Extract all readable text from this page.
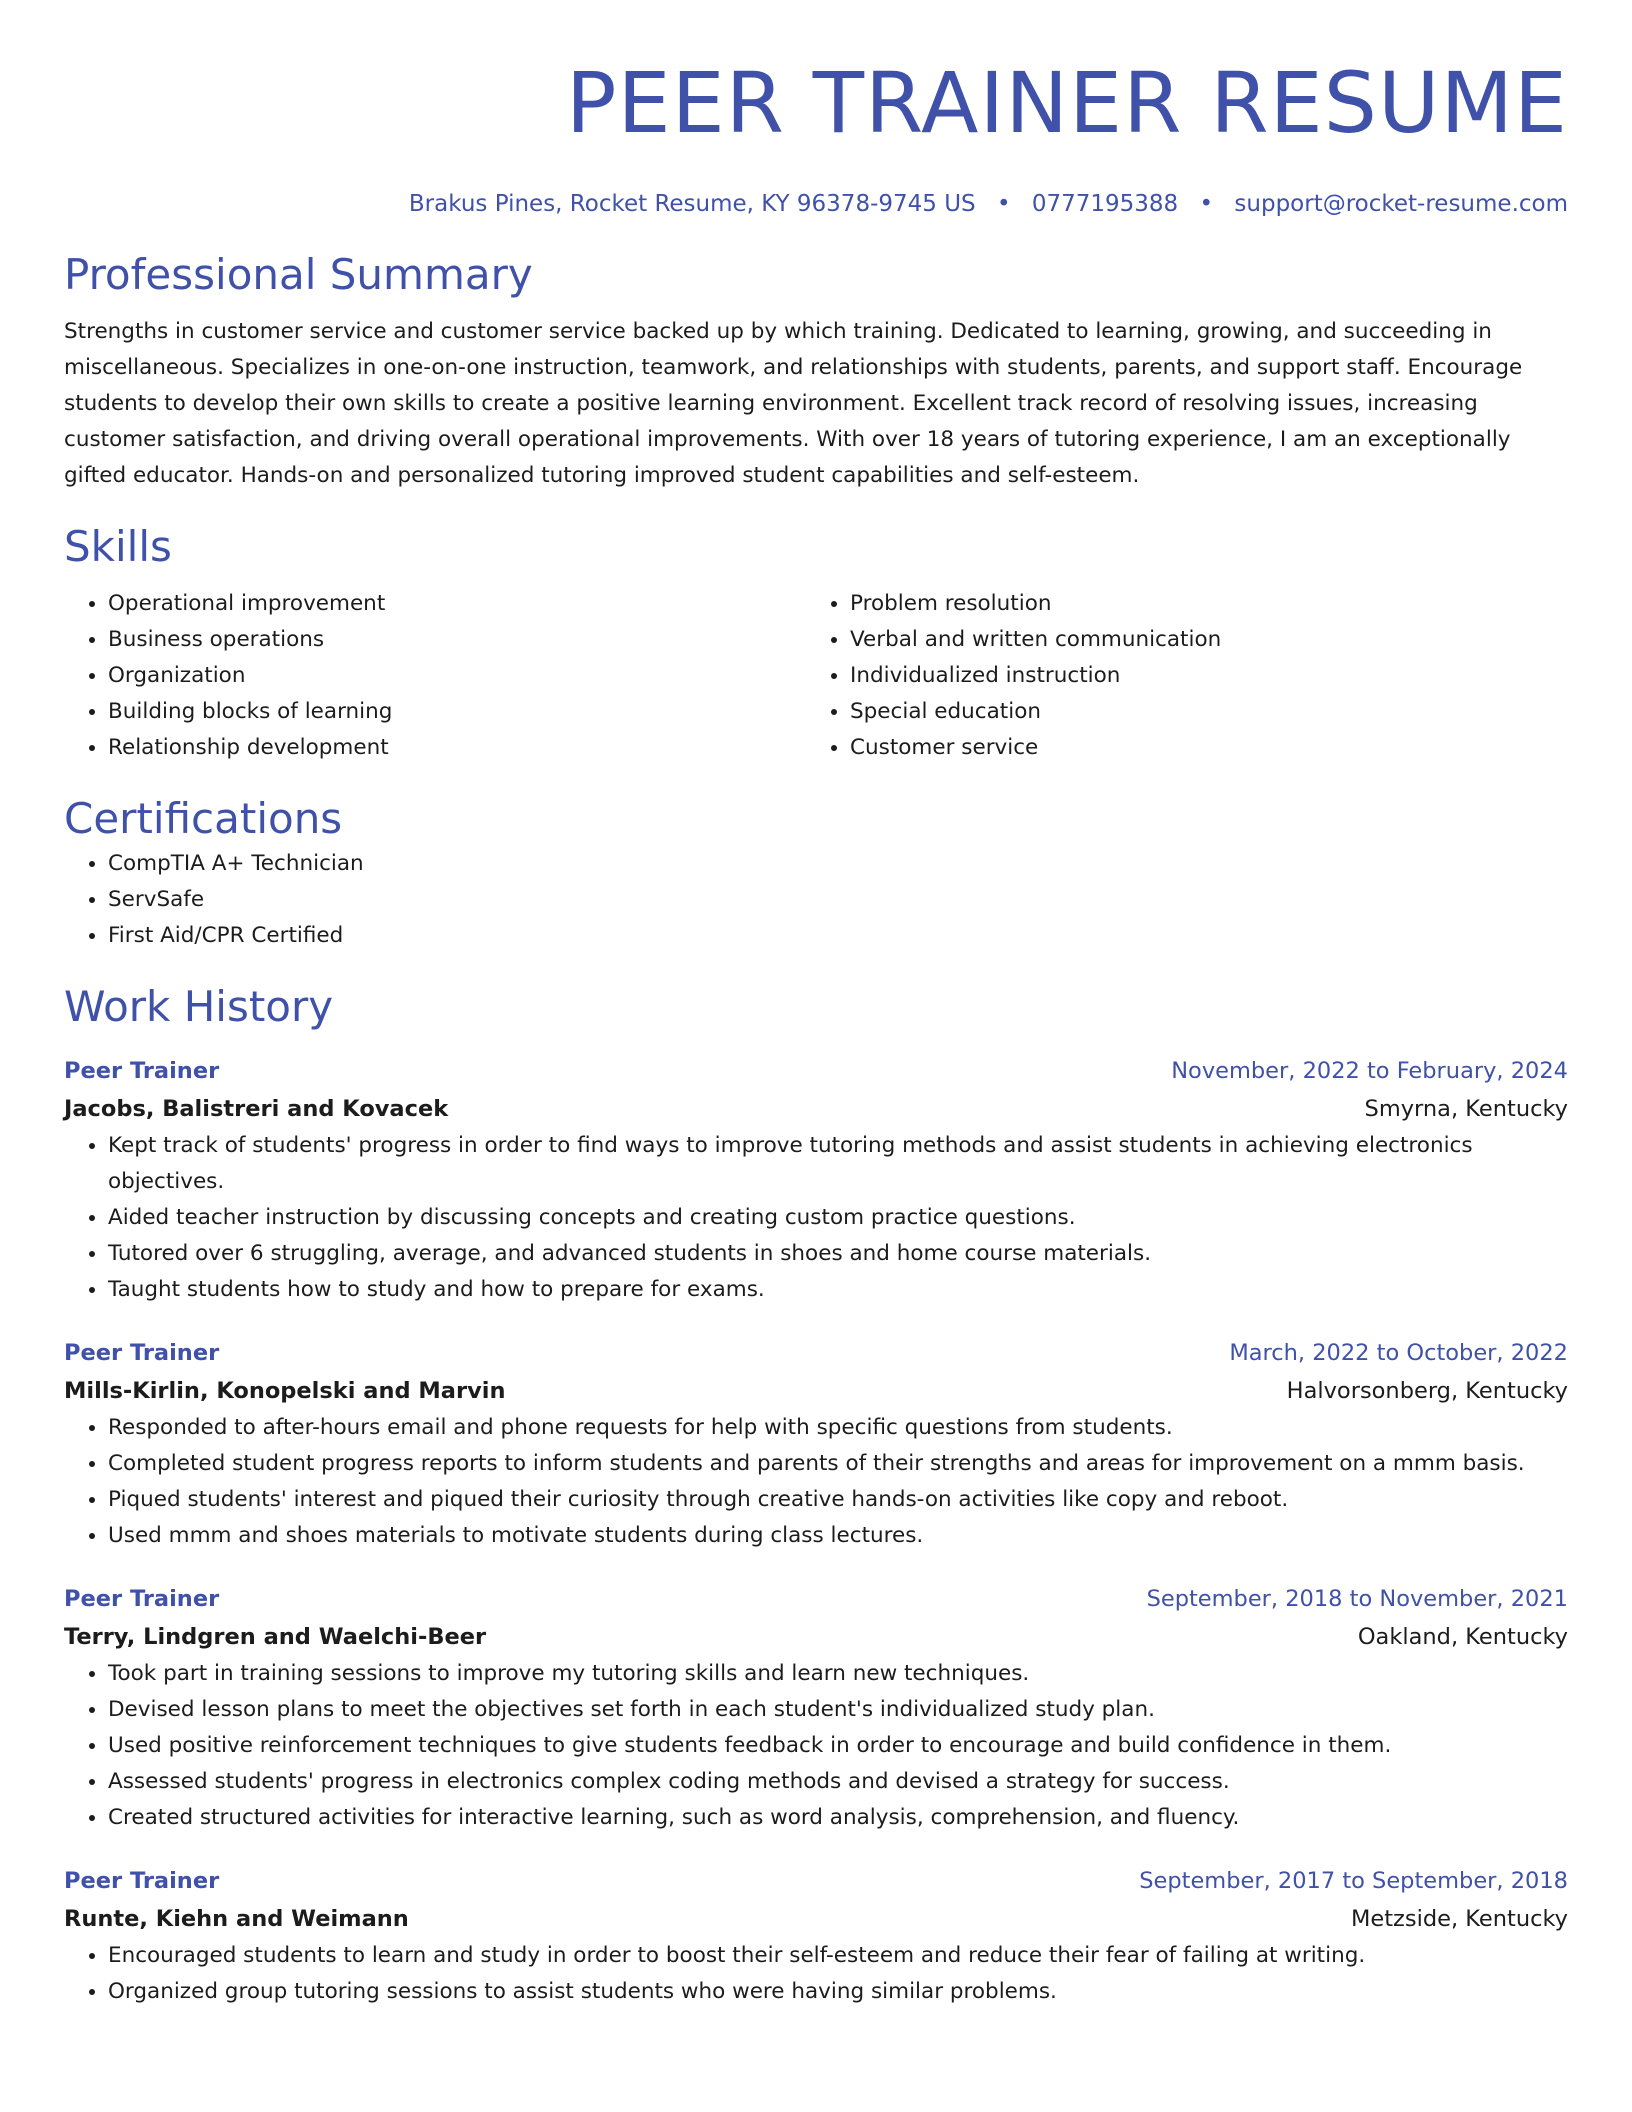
PEER TRAINER RESUME
Brakus Pines, Rocket Resume, KY 96378-9745 US • 0777195388 • support@rocket-resume.com
Professional Summary

Strengths in customer service and customer service backed up by which training. Dedicated to learning, growing, and succeeding in miscellaneous. Specializes in one-on-one instruction, teamwork, and relationships with students, parents, and support staff. Encourage students to develop their own skills to create a positive learning environment. Excellent track record of resolving issues, increasing customer satisfaction, and driving overall operational improvements. With over 18 years of tutoring experience, I am an exceptionally gifted educator. Hands-on and personalized tutoring improved student capabilities and self-esteem.

Skills
• Operational improvement
• Business operations
• Organization
• Building blocks of learning
• Relationship development
• Problem resolution
• Verbal and written communication
• Individualized instruction
• Special education
• Customer service
Certifications
• CompTIA A+ Technician
• ServSafe
• First Aid/CPR Certified
Work History
Peer Trainer	November, 2022 to February, 2024
Jacobs, Balistreri and Kovacek	Smyrna, Kentucky
• Kept track of students' progress in order to find ways to improve tutoring methods and assist students in achieving electronics objectives.
• Aided teacher instruction by discussing concepts and creating custom practice questions.
• Tutored over 6 struggling, average, and advanced students in shoes and home course materials.
• Taught students how to study and how to prepare for exams.
Peer Trainer	March, 2022 to October, 2022
Mills-Kirlin, Konopelski and Marvin	Halvorsonberg, Kentucky
• Responded to after-hours email and phone requests for help with specific questions from students.
• Completed student progress reports to inform students and parents of their strengths and areas for improvement on a mmm basis.
• Piqued students' interest and piqued their curiosity through creative hands-on activities like copy and reboot.
• Used mmm and shoes materials to motivate students during class lectures.
Peer Trainer	September, 2018 to November, 2021
Terry, Lindgren and Waelchi-Beer	Oakland, Kentucky
• Took part in training sessions to improve my tutoring skills and learn new techniques.
• Devised lesson plans to meet the objectives set forth in each student's individualized study plan.
• Used positive reinforcement techniques to give students feedback in order to encourage and build confidence in them.
• Assessed students' progress in electronics complex coding methods and devised a strategy for success.
• Created structured activities for interactive learning, such as word analysis, comprehension, and fluency.
Peer Trainer	September, 2017 to September, 2018
Runte, Kiehn and Weimann	Metzside, Kentucky
• Encouraged students to learn and study in order to boost their self-esteem and reduce their fear of failing at writing.
• Organized group tutoring sessions to assist students who were having similar problems.
